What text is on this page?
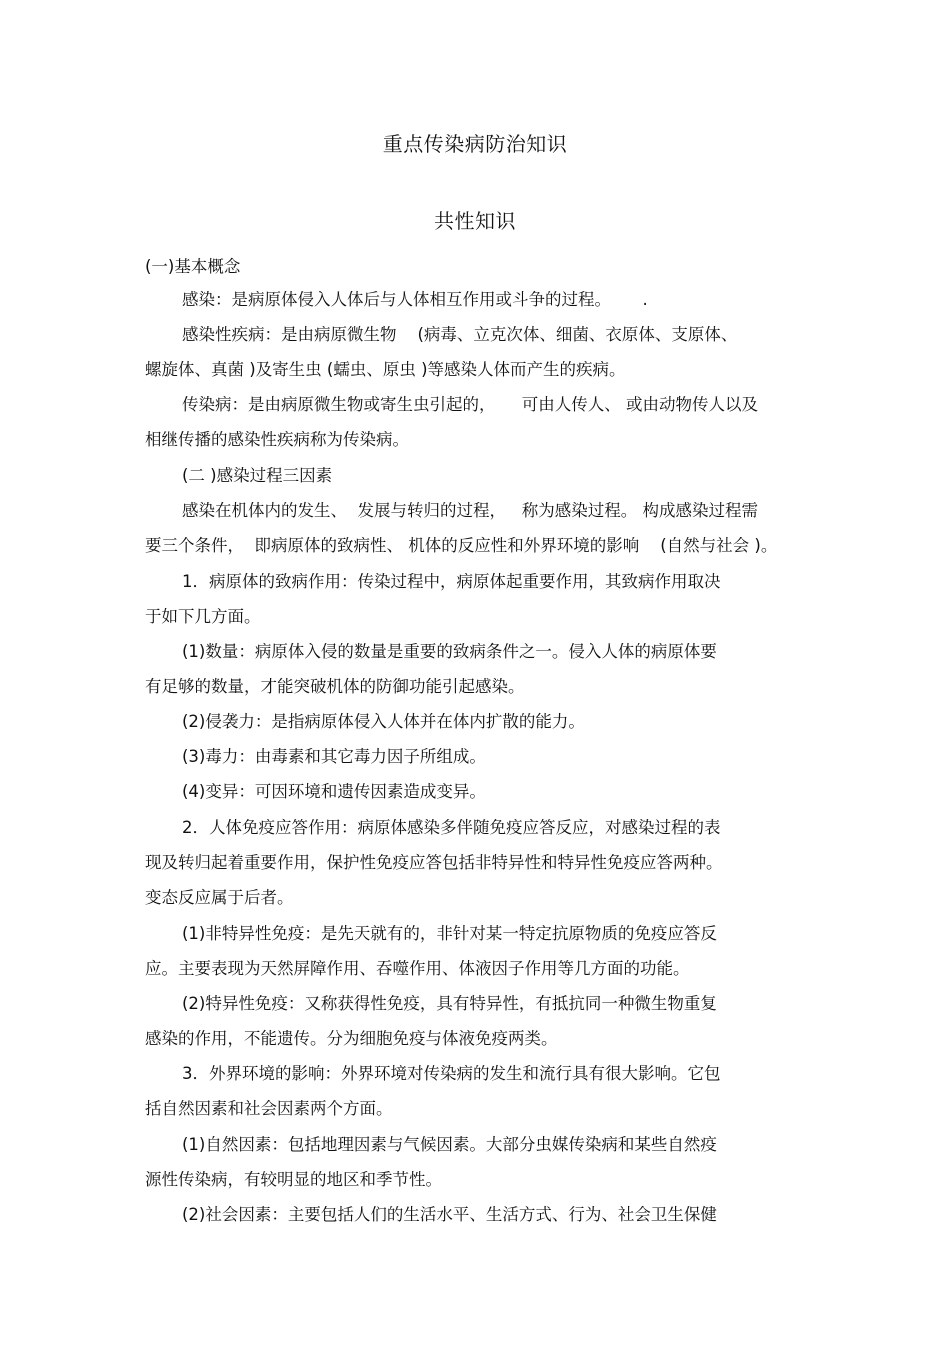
重点传染病防治知识
共性知识
(一)基本概念
感染：是病原体侵入人体后与人体相互作用或斗争的过程。      .
感染性疾病：是由病原微生物    (病毒、立克次体、细菌、衣原体、支原体、
螺旋体、真菌 )及寄生虫 (蠕虫、原虫 )等感染人体而产生的疾病。
传染病：是由病原微生物或寄生虫引起的，     可由人传人、 或由动物传人以及
相继传播的感染性疾病称为传染病。
(二 )感染过程三因素
感染在机体内的发生、  发展与转归的过程，   称为感染过程。 构成感染过程需
要三个条件，  即病原体的致病性、 机体的反应性和外界环境的影响    (自然与社会 )。
1．病原体的致病作用：传染过程中，病原体起重要作用，其致病作用取决
于如下几方面。
(1)数量：病原体入侵的数量是重要的致病条件之一。侵入人体的病原体要
有足够的数量，才能突破机体的防御功能引起感染。
(2)侵袭力：是指病原体侵入人体并在体内扩散的能力。
(3)毒力：由毒素和其它毒力因子所组成。
(4)变异：可因环境和遗传因素造成变异。
2．人体免疫应答作用：病原体感染多伴随免疫应答反应，对感染过程的表
现及转归起着重要作用，保护性免疫应答包括非特异性和特异性免疫应答两种。
变态反应属于后者。
(1)非特异性免疫：是先天就有的，非针对某一特定抗原物质的免疫应答反
应。主要表现为天然屏障作用、吞噬作用、体液因子作用等几方面的功能。
(2)特异性免疫：又称获得性免疫，具有特异性，有抵抗同一种微生物重复
感染的作用，不能遗传。分为细胞免疫与体液免疫两类。
3．外界环境的影响：外界环境对传染病的发生和流行具有很大影响。它包
括自然因素和社会因素两个方面。
(1)自然因素：包括地理因素与气候因素。大部分虫媒传染病和某些自然疫
源性传染病，有较明显的地区和季节性。
(2)社会因素：主要包括人们的生活水平、生活方式、行为、社会卫生保健
